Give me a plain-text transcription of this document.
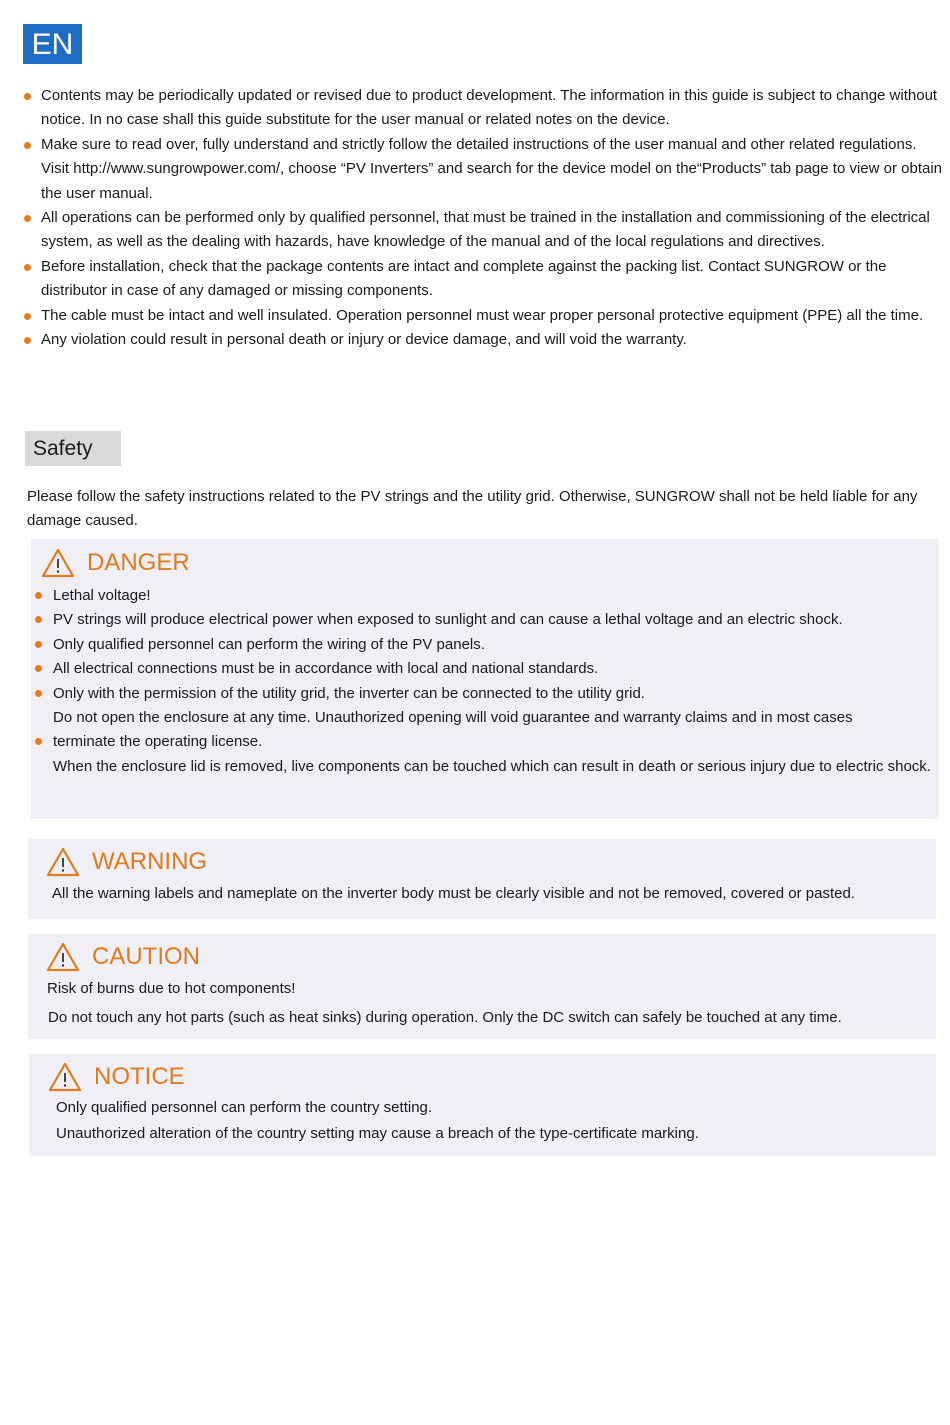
EN
Contents may be periodically updated or revised due to product development. The information in this guide is subject to change without notice. In no case shall this guide substitute for the user manual or related notes on the device.
Make sure to read over, fully understand and strictly follow the detailed instructions of the user manual and other related regulations. Visit http://www.sungrowpower.com/, choose “PV Inverters” and search for the device model on the“Products” tab page to view or obtain the user manual.
All operations can be performed only by qualified personnel, that must be trained in the installation and commissioning of the electrical system, as well as the dealing with hazards, have knowledge of the manual and of the local regulations and directives.
Before installation, check that the package contents are intact and complete against the packing list. Contact SUNGROW or the distributor in case of any damaged or missing components.
The cable must be intact and well insulated. Operation personnel must wear proper personal protective equipment (PPE) all the time.
Any violation could result in personal death or injury or device damage, and will void the warranty.
Safety

Please follow the safety instructions related to the PV strings and the utility grid. Otherwise, SUNGROW shall not be held liable for any damage caused.

DANGER
Lethal voltage!
PV strings will produce electrical power when exposed to sunlight and can cause a lethal voltage and an electric shock.
Only qualified personnel can perform the wiring of the PV panels.
All electrical connections must be in accordance with local and national standards.
Only with the permission of the utility grid, the inverter can be connected to the utility grid.
Do not open the enclosure at any time. Unauthorized opening will void guarantee and warranty claims and in most cases
terminate the operating license.
When the enclosure lid is removed, live components can be touched which can result in death or serious injury due to electric shock.
WARNING

All the warning labels and nameplate on the inverter body must be clearly visible and not be removed, covered or pasted.

CAUTION

Risk of burns due to hot components!

Do not touch any hot parts (such as heat sinks) during operation. Only the DC switch can safely be touched at any time.

NOTICE

Only qualified personnel can perform the country setting.

Unauthorized alteration of the country setting may cause a breach of the type-certificate marking.
